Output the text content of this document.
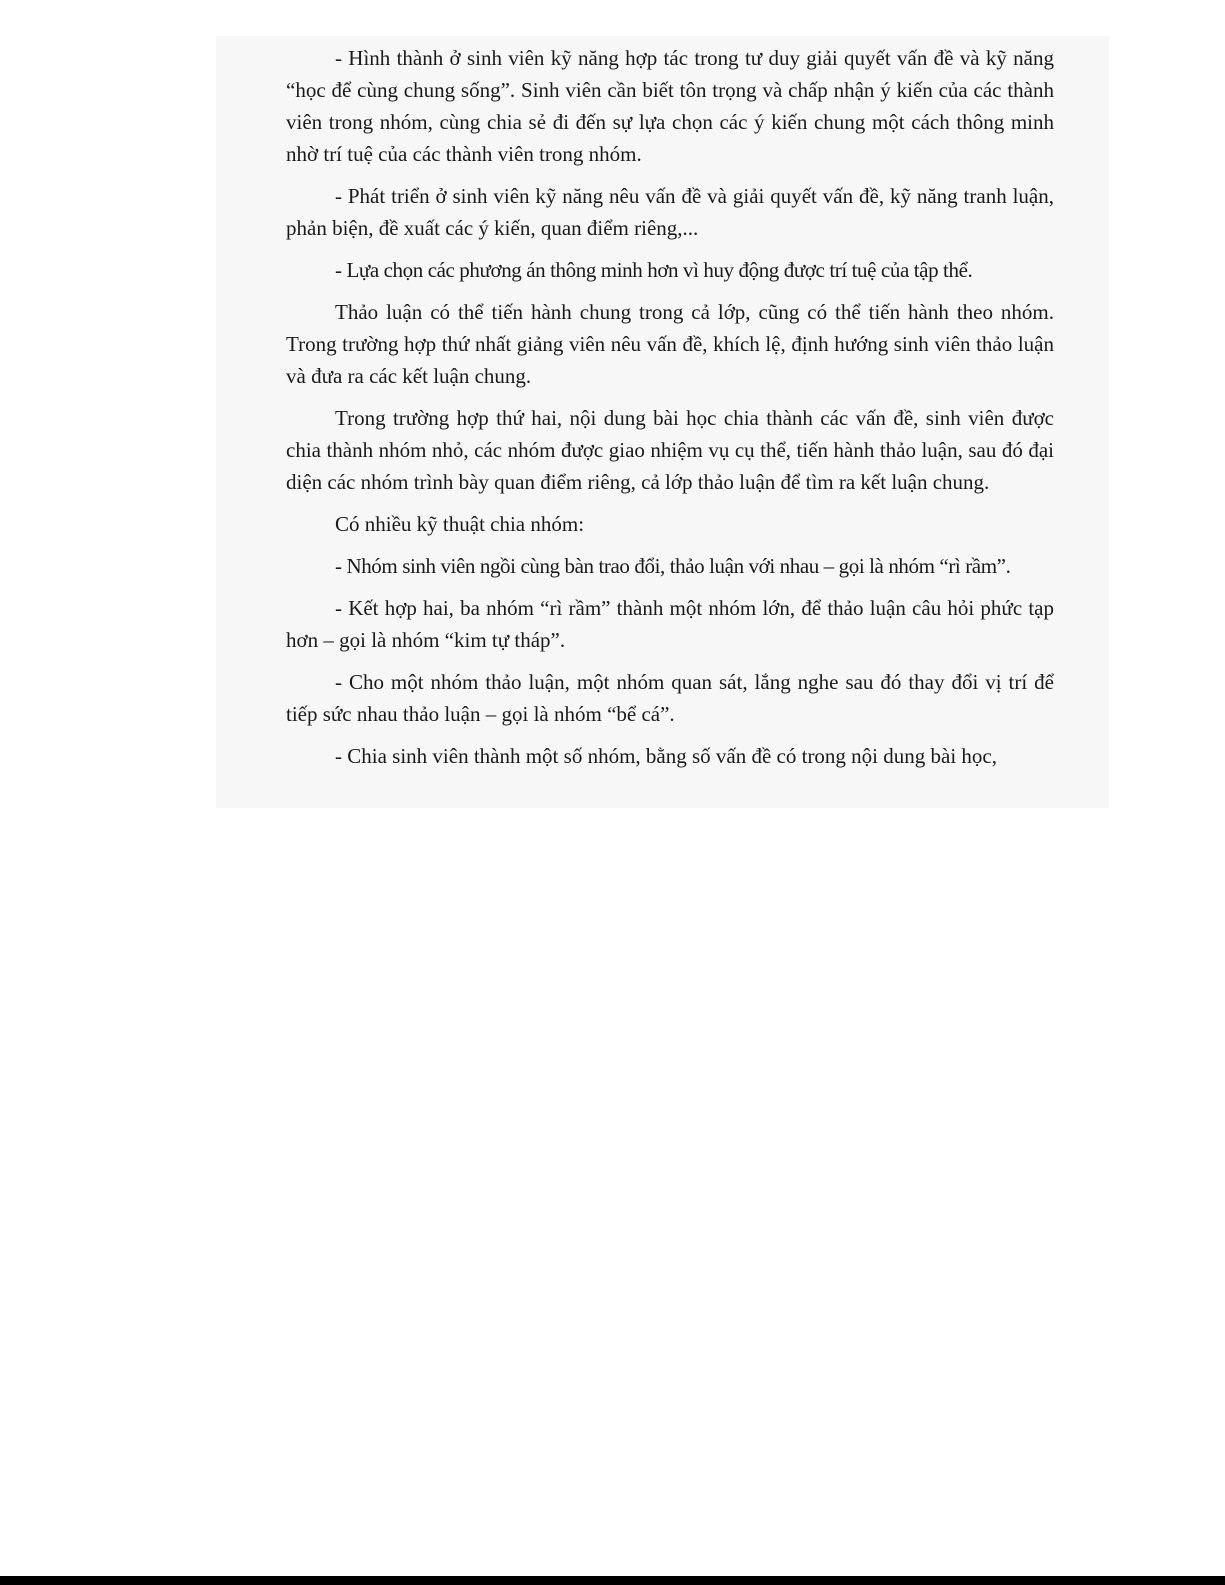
- Hình thành ở sinh viên kỹ năng hợp tác trong tư duy giải quyết vấn đề và kỹ năng “học để cùng chung sống”. Sinh viên cần biết tôn trọng và chấp nhận ý kiến của các thành viên trong nhóm, cùng chia sẻ đi đến sự lựa chọn các ý kiến chung một cách thông minh nhờ trí tuệ của các thành viên trong nhóm.

- Phát triển ở sinh viên kỹ năng nêu vấn đề và giải quyết vấn đề, kỹ năng tranh luận, phản biện, đề xuất các ý kiến, quan điểm riêng,...

- Lựa chọn các phương án thông minh hơn vì huy động được trí tuệ của tập thể.

Thảo luận có thể tiến hành chung trong cả lớp, cũng có thể tiến hành theo nhóm. Trong trường hợp thứ nhất giảng viên nêu vấn đề, khích lệ, định hướng sinh viên thảo luận và đưa ra các kết luận chung.

Trong trường hợp thứ hai, nội dung bài học chia thành các vấn đề, sinh viên được chia thành nhóm nhỏ, các nhóm được giao nhiệm vụ cụ thể, tiến hành thảo luận, sau đó đại diện các nhóm trình bày quan điểm riêng, cả lớp thảo luận để tìm ra kết luận chung.

Có nhiều kỹ thuật chia nhóm:

- Nhóm sinh viên ngồi cùng bàn trao đổi, thảo luận với nhau – gọi là nhóm “rì rầm”.

- Kết hợp hai, ba nhóm “rì rầm” thành một nhóm lớn, để thảo luận câu hỏi phức tạp hơn – gọi là nhóm “kim tự tháp”.

- Cho một nhóm thảo luận, một nhóm quan sát, lắng nghe sau đó thay đổi vị trí để tiếp sức nhau thảo luận – gọi là nhóm “bể cá”.

- Chia sinh viên thành một số nhóm, bằng số vấn đề có trong nội dung bài học,
